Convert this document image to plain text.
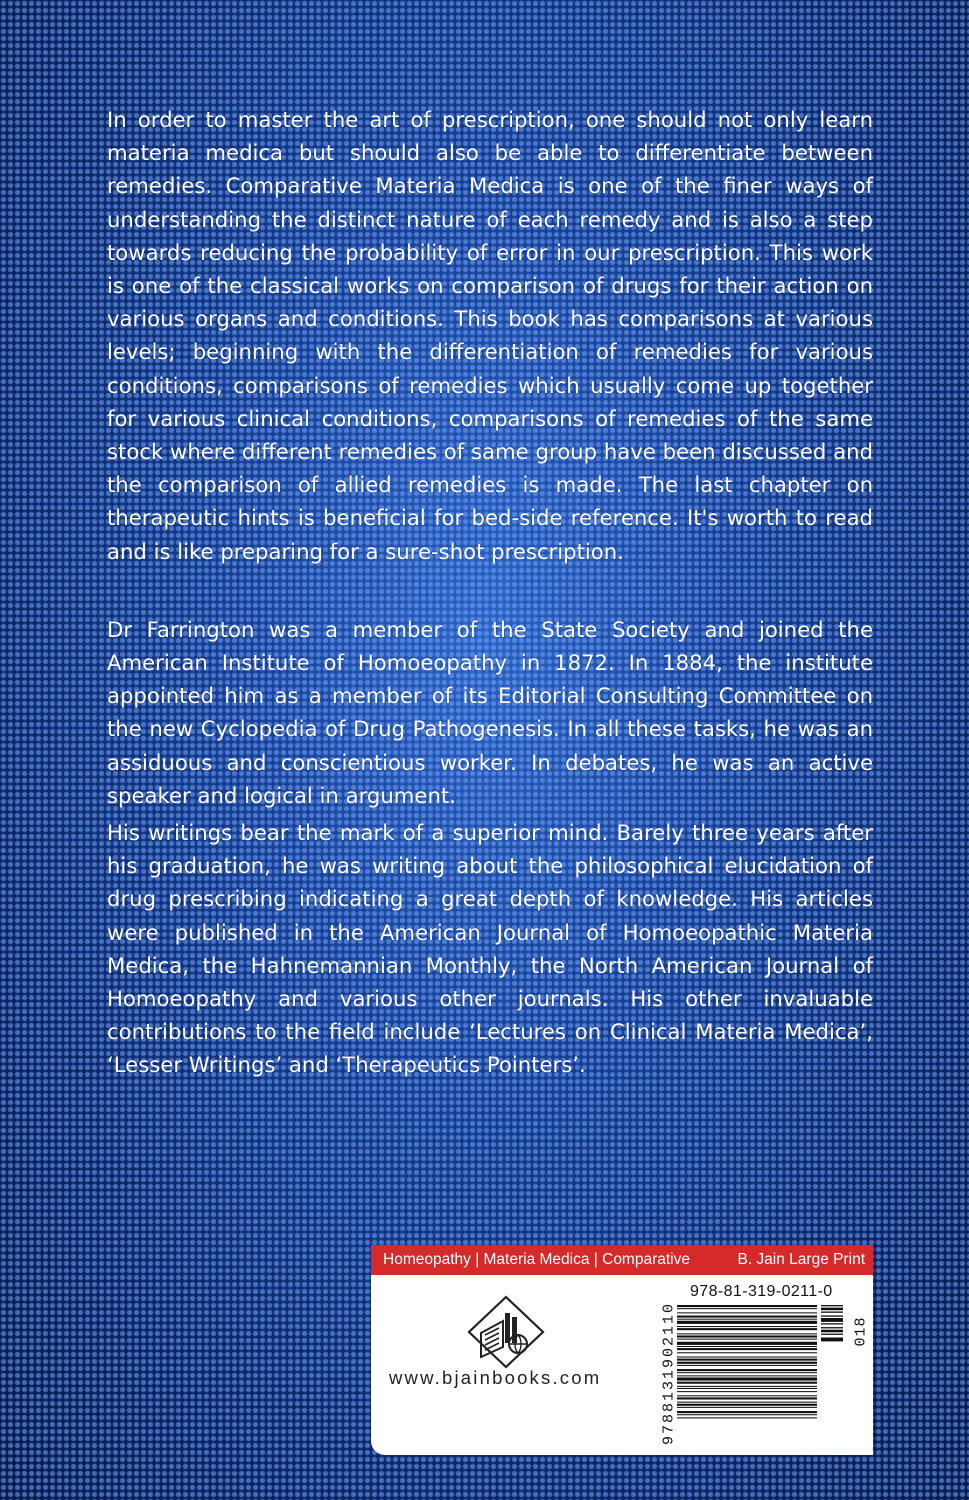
In order to master the art of prescription, one should not only learn materia medica but should also be able to differentiate between remedies. Comparative Materia Medica is one of the finer ways of understanding the distinct nature of each remedy and is also a step towards reducing the probability of error in our prescription. This work is one of the classical works on comparison of drugs for their action on various organs and conditions. This book has comparisons at various levels; beginning with the differentiation of remedies for various conditions, comparisons of remedies which usually come up together for various clinical conditions, comparisons of remedies of the same stock where different remedies of same group have been discussed and the comparison of allied remedies is made. The last chapter on therapeutic hints is beneficial for bed-side reference. It's worth to read and is like preparing for a sure-shot prescription.

Dr Farrington was a member of the State Society and joined the American Institute of Homoeopathy in 1872. In 1884, the institute appointed him as a member of its Editorial Consulting Committee on the new Cyclopedia of Drug Pathogenesis. In all these tasks, he was an assiduous and conscientious worker. In debates, he was an active speaker and logical in argument.

His writings bear the mark of a superior mind. Barely three years after his graduation, he was writing about the philosophical elucidation of drug prescribing indicating a great depth of knowledge. His articles were published in the American Journal of Homoeopathic Materia Medica, the Hahnemannian Monthly, the North American Journal of Homoeopathy and various other journals. His other invaluable contributions to the field include ‘Lectures on Clinical Materia Medica’, ‘Lesser Writings’ and ‘Therapeutics Pointers’.

Homeopathy | Materia Medica | Comparative	B. Jain Large Print
www.bjainbooks.com
978-81-319-0211-0
9788131902110	018
